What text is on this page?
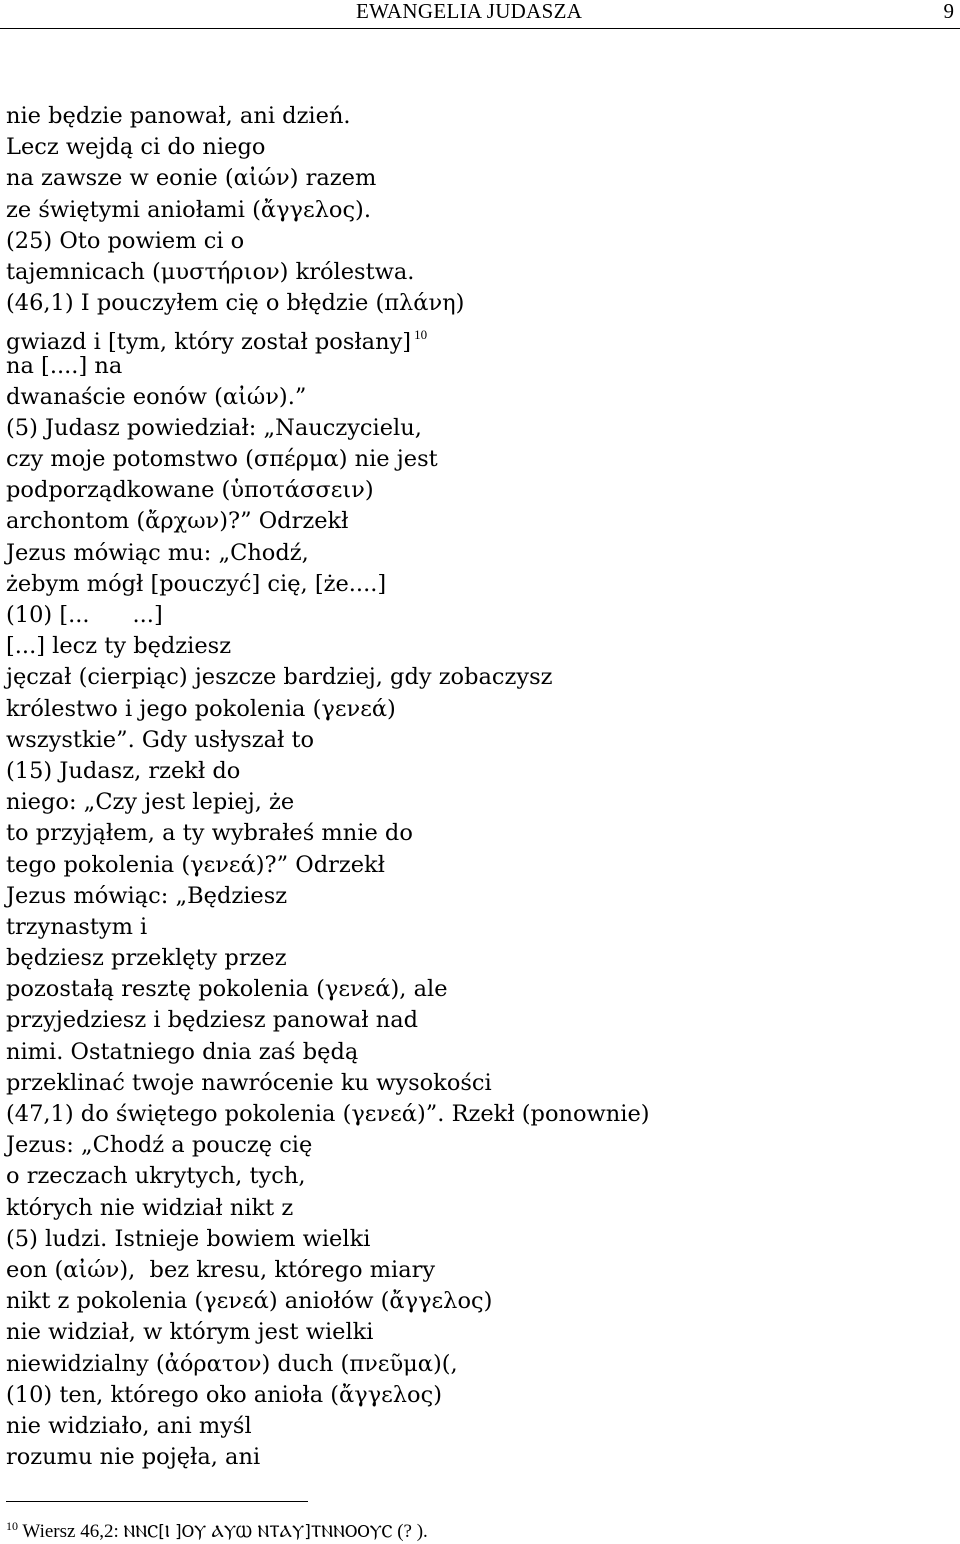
EWANGELIA JUDASZA	9
nie będzie panował, ani dzień.
Lecz wejdą ci do niego
na zawsze w eonie (αἰών) razem
ze świętymi aniołami (ἄγγελος).
(25) Oto powiem ci o
tajemnicach (μυστήριον) królestwa.
(46,1) I pouczyłem cię o błędzie (πλάνη)
gwiazd i [tym, który został posłany] $^{10}$
na [....] na
dwanaście eonów (αἰών).”
(5) Judasz powiedział: „Nauczycielu,
czy moje potomstwo (σπέρμα) nie jest
podporządkowane (ὑποτάσσειν)
archontom (ἄρχων)?” Odrzekł
Jezus mówiąc mu: „Chodź,
żebym mógł [pouczyć] cię, [że....]
(10) [...      ...]
[...] lecz ty będziesz
jęczał (cierpiąc) jeszcze bardziej, gdy zobaczysz
królestwo i jego pokolenia (γενεά)
wszystkie”. Gdy usłyszał to
(15) Judasz, rzekł do
niego: „Czy jest lepiej, że
to przyjąłem, a ty wybrałeś mnie do
tego pokolenia (γενεά)?” Odrzekł
Jezus mówiąc: „Będziesz
trzynastym i
będziesz przeklęty przez
pozostałą resztę pokolenia (γενεά), ale
przyjedziesz i będziesz panował nad
nimi. Ostatniego dnia zaś będą
przeklinać twoje nawrócenie ku wysokości
(47,1) do świętego pokolenia (γενεά)”. Rzekł (ponownie)
Jezus: „Chodź a pouczę cię
o rzeczach ukrytych, tych,
których nie widział nikt z
(5) ludzi. Istnieje bowiem wielki
eon (αἰών),  bez kresu, którego miary
nikt z pokolenia (γενεά) aniołów (ἄγγελος)
nie widział, w którym jest wielki
niewidzialny (ἀόρατον) duch (πνεῦμα)(,
(10) ten, którego oko anioła (ἄγγελος)
nie widziało, ani myśl
rozumu nie pojęła, ani
$^{10}$ Wiersz 46,2: ⲚⲚⲤ[Ⲓ ]ⲞⲨ ⲀⲨⲰ ⲚⲦⲀⲨ]ⲦⲚⲚⲞⲞⲨⲤ (? ).
